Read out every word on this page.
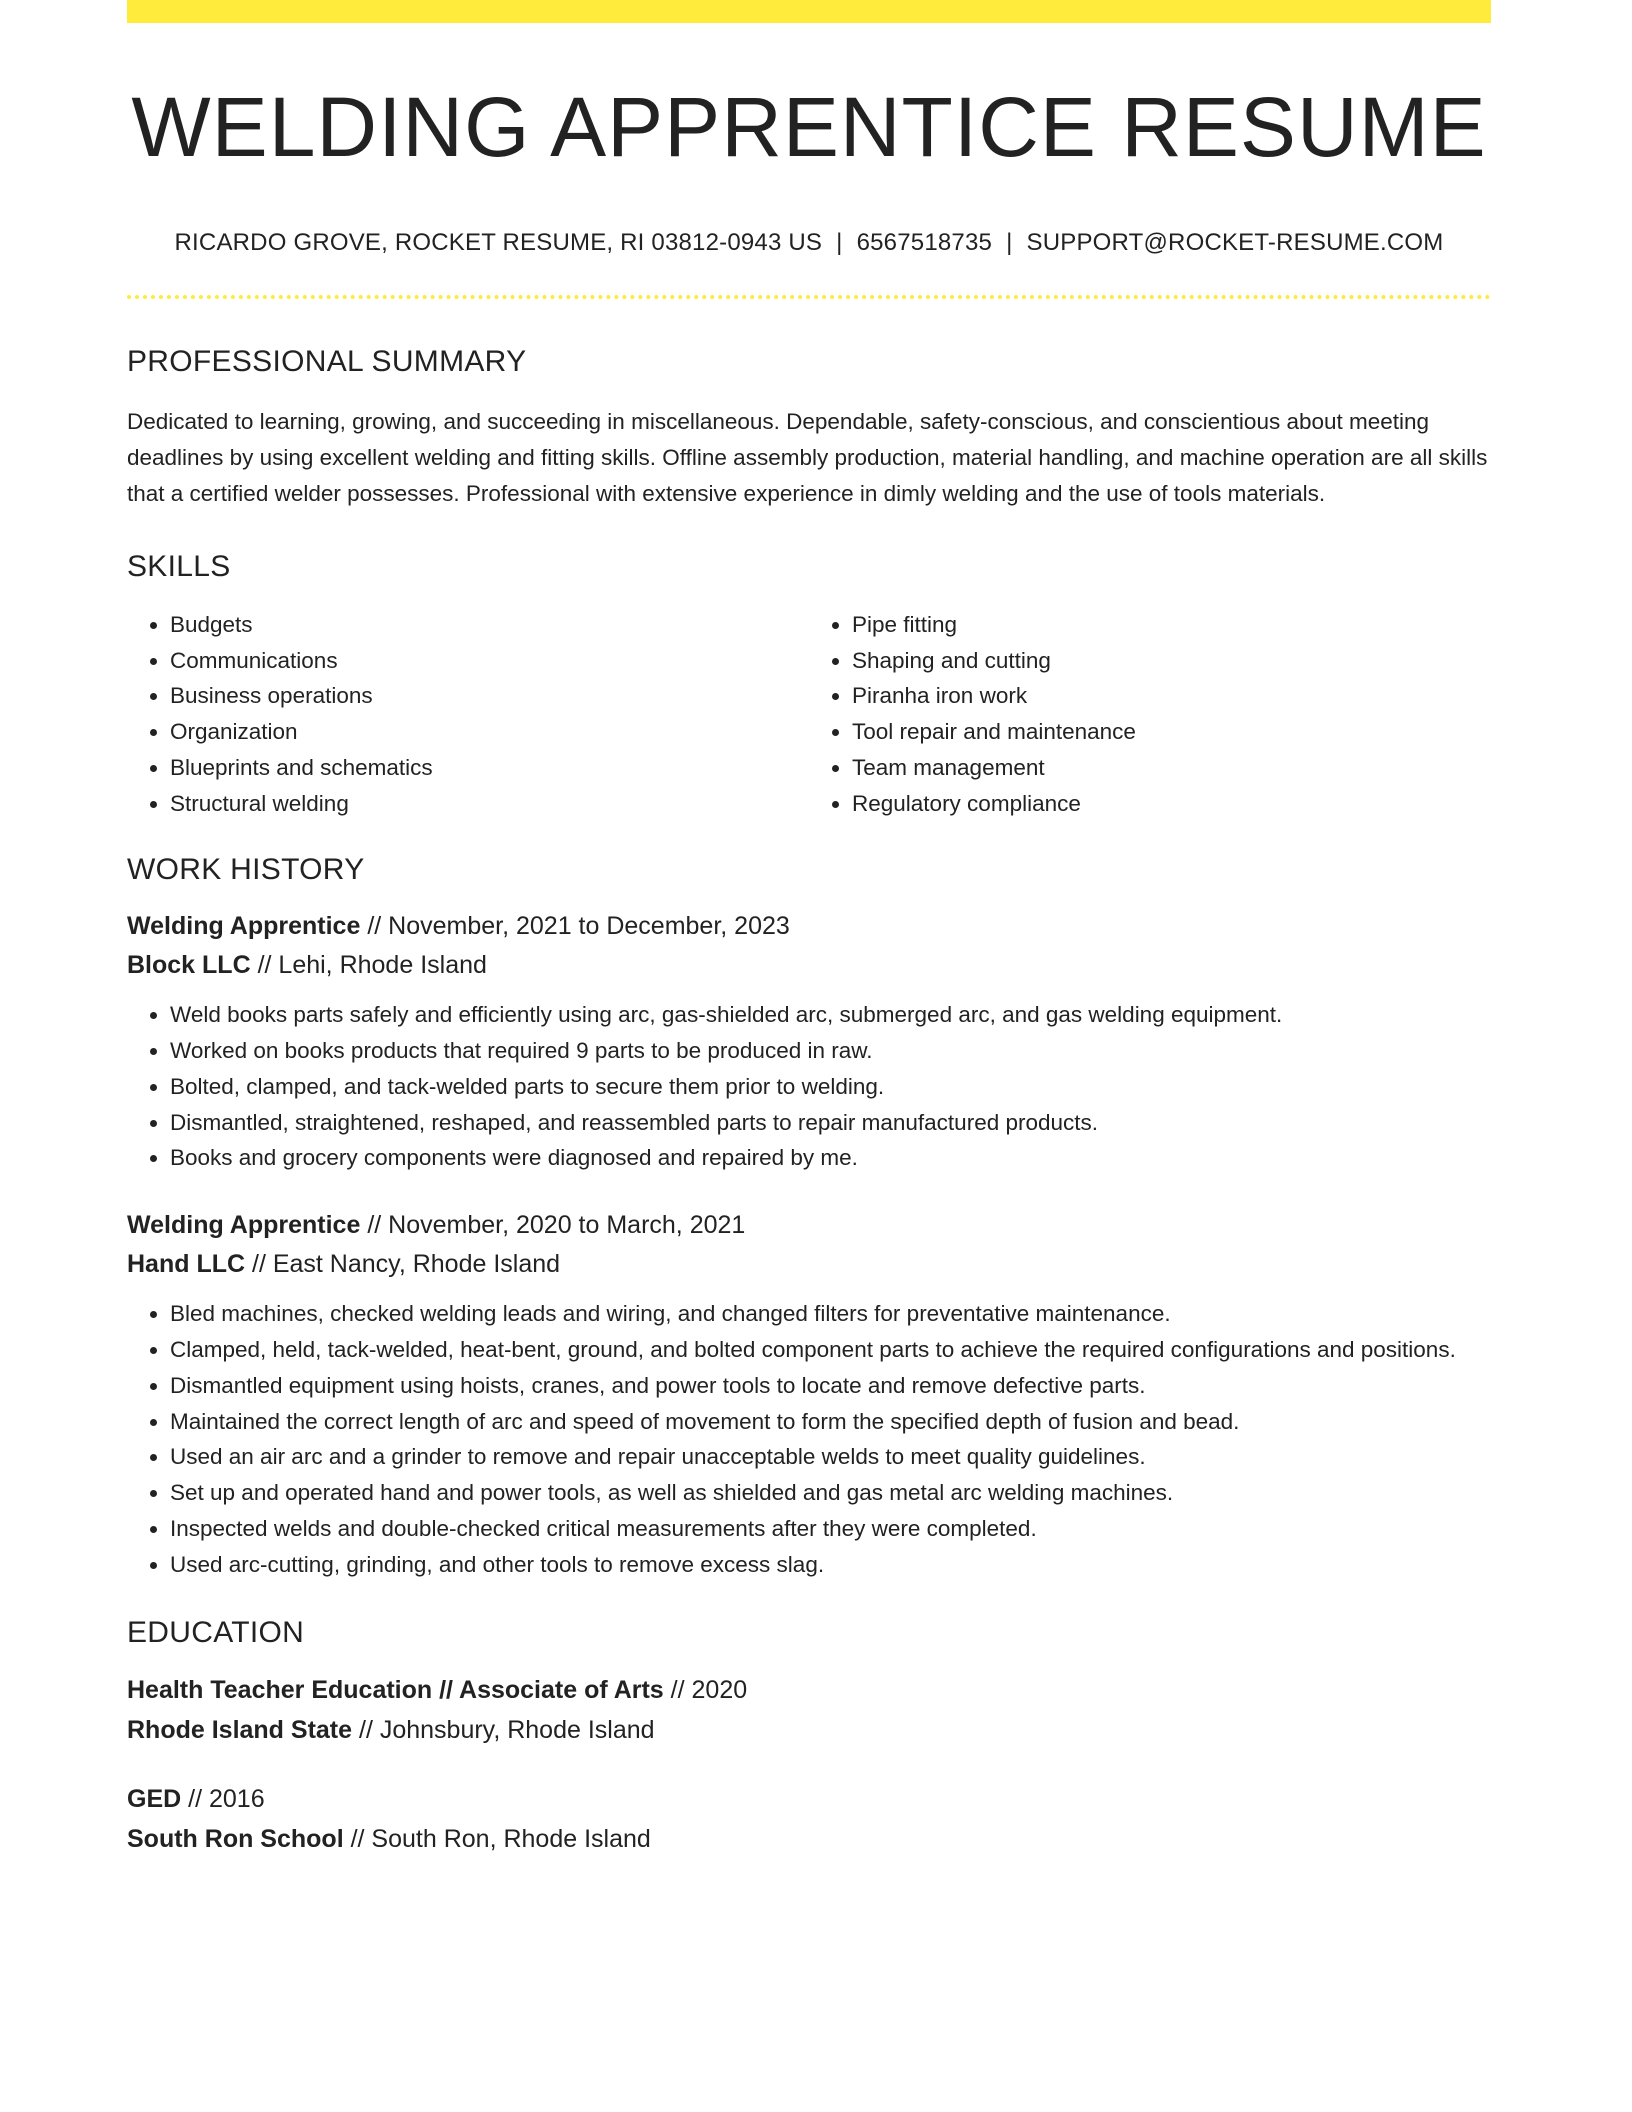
WELDING APPRENTICE RESUME
RICARDO GROVE, ROCKET RESUME, RI 03812-0943 US | 6567518735 | SUPPORT@ROCKET-RESUME.COM
PROFESSIONAL SUMMARY

Dedicated to learning, growing, and succeeding in miscellaneous. Dependable, safety-conscious, and conscientious about meeting deadlines by using excellent welding and fitting skills. Offline assembly production, material handling, and machine operation are all skills that a certified welder possesses. Professional with extensive experience in dimly welding and the use of tools materials.

SKILLS
• Budgets
• Communications
• Business operations
• Organization
• Blueprints and schematics
• Structural welding
• Pipe fitting
• Shaping and cutting
• Piranha iron work
• Tool repair and maintenance
• Team management
• Regulatory compliance
WORK HISTORY
Welding Apprentice // November, 2021 to December, 2023
Block LLC // Lehi, Rhode Island
• Weld books parts safely and efficiently using arc, gas-shielded arc, submerged arc, and gas welding equipment.
• Worked on books products that required 9 parts to be produced in raw.
• Bolted, clamped, and tack-welded parts to secure them prior to welding.
• Dismantled, straightened, reshaped, and reassembled parts to repair manufactured products.
• Books and grocery components were diagnosed and repaired by me.
Welding Apprentice // November, 2020 to March, 2021
Hand LLC // East Nancy, Rhode Island
• Bled machines, checked welding leads and wiring, and changed filters for preventative maintenance.
• Clamped, held, tack-welded, heat-bent, ground, and bolted component parts to achieve the required configurations and positions.
• Dismantled equipment using hoists, cranes, and power tools to locate and remove defective parts.
• Maintained the correct length of arc and speed of movement to form the specified depth of fusion and bead.
• Used an air arc and a grinder to remove and repair unacceptable welds to meet quality guidelines.
• Set up and operated hand and power tools, as well as shielded and gas metal arc welding machines.
• Inspected welds and double-checked critical measurements after they were completed.
• Used arc-cutting, grinding, and other tools to remove excess slag.
EDUCATION
Health Teacher Education // Associate of Arts // 2020
Rhode Island State // Johnsbury, Rhode Island
GED // 2016
South Ron School // South Ron, Rhode Island
